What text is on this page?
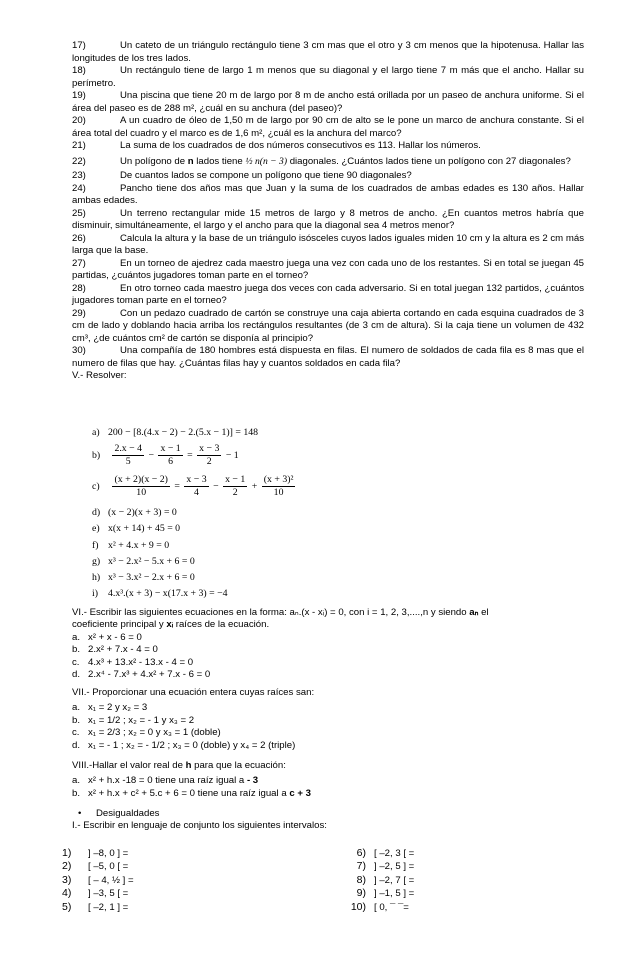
17)	Un cateto de un triángulo rectángulo tiene 3 cm mas que el otro y 3 cm menos que la hipotenusa. Hallar las longitudes de los tres lados.
18)	Un rectángulo tiene de largo 1 m menos que su diagonal y el largo tiene 7 m más que el ancho. Hallar su perímetro.
19)	Una piscina que tiene 20 m de largo por 8 m de ancho está orillada por un paseo de anchura uniforme. Si el área del paseo es de 288 m², ¿cuál en su anchura (del paseo)?
20)	A un cuadro de óleo de 1,50 m de largo por 90 cm de alto se le pone un marco de anchura constante. Si el área total del cuadro y el marco es de 1,6 m², ¿cuál es la anchura del marco?
21)	La suma de los cuadrados de dos números consecutivos es 113. Hallar los números.
22)	Un polígono de n lados tiene ½ n(n − 3) diagonales. ¿Cuántos lados tiene un polígono con 27 diagonales?
23)	De cuantos lados se compone un polígono que tiene 90 diagonales?
24)	Pancho tiene dos años mas que Juan y la suma de los cuadrados de ambas edades es 130 años. Hallar ambas edades.
25)	Un terreno rectangular mide 15 metros de largo y 8 metros de ancho. ¿En cuantos metros habría que disminuir, simultáneamente, el largo y el ancho para que la diagonal sea 4 metros menor?
26)	Calcula la altura y la base de un triángulo isósceles cuyos lados iguales miden 10 cm y la altura es 2 cm más larga que la base.
27)	En un torneo de ajedrez cada maestro juega una vez con cada uno de los restantes. Si en total se juegan 45 partidas, ¿cuántos jugadores toman parte en el torneo?
28)	En otro torneo cada maestro juega dos veces con cada adversario. Si en total juegan 132 partidos, ¿cuántos jugadores toman parte en el torneo?
29)	Con un pedazo cuadrado de cartón se construye una caja abierta cortando en cada esquina cuadrados de 3 cm de lado y doblando hacia arriba los rectángulos resultantes (de 3 cm de altura). Si la caja tiene un volumen de 432 cm³, ¿de cuántos cm² de cartón se disponía al principio?
30)	Una compañía de 180 hombres está dispuesta en filas. El numero de soldados de cada fila es 8 mas que el numero de filas que hay. ¿Cuántas filas hay y cuantos soldados en cada fila?
V.- Resolver:
a) 200 − [8.(4.x − 2) − 2.(5.x − 1)] = 148
$b) \frac{2.x - 4}{5} - \frac{x - 1}{6} = \frac{x - 3}{2} - 1$
$c) \frac{(x + 2)(x - 2)}{10} = \frac{x - 3}{4} - \frac{x - 1}{2} + \frac{\text{(x + 3)²}}{10}$
d) (x − 2)(x + 3) = 0
e) x(x + 14) + 45 = 0
f) x² + 4.x + 9 = 0
g) x³ − 2.x² − 5.x + 6 = 0
h) x³ − 3.x² − 2.x + 6 = 0
i) 4.x³.(x + 3) − x(17.x + 3) = −4
VI.- Escribir las siguientes ecuaciones en la forma: aₙ.(x - xᵢ) = 0, con i = 1, 2, 3,....,n y siendo aₙ el
coeficiente principal y xᵢ raíces de la ecuación.
a. x² + x - 6 = 0
b. 2.x² + 7.x - 4 = 0
c. 4.x³ + 13.x² - 13.x - 4 = 0
d. 2.x⁴ - 7.x³ + 4.x² + 7.x - 6 = 0
VII.- Proporcionar una ecuación entera cuyas raíces san:
a. x₁ = 2 y x₂ = 3
b. x₁ = 1/2 ; x₂ = - 1 y x₃ = 2
c. x₁ = 2/3 ; x₂ = 0 y x₃ = 1 (doble)
d. x₁ = - 1 ; x₂ = - 1/2 ; x₃ = 0 (doble) y x₄ = 2 (triple)
VIII.-Hallar el valor real de h para que la ecuación:
a. x² + h.x -18 = 0 tiene una raíz igual a - 3
b. x² + h.x + c² + 5.c + 6 = 0 tiene una raíz igual a c + 3
• Desigualdades
I.- Escribir en lenguaje de conjunto los siguientes intervalos:
1) ] –8, 0 ] =
2) [ –5, 0 [ =
3) [ – 4, ½ ] =
4) ] –3, 5 [ =
5) [ –2, 1 ] =
6) [ –2, 3 [ =
7) ] –2, 5 ] =
8) ] –2, 7 [ =
9) ] –1, 5 ] =
10) [ 0, ¯ ¯=
